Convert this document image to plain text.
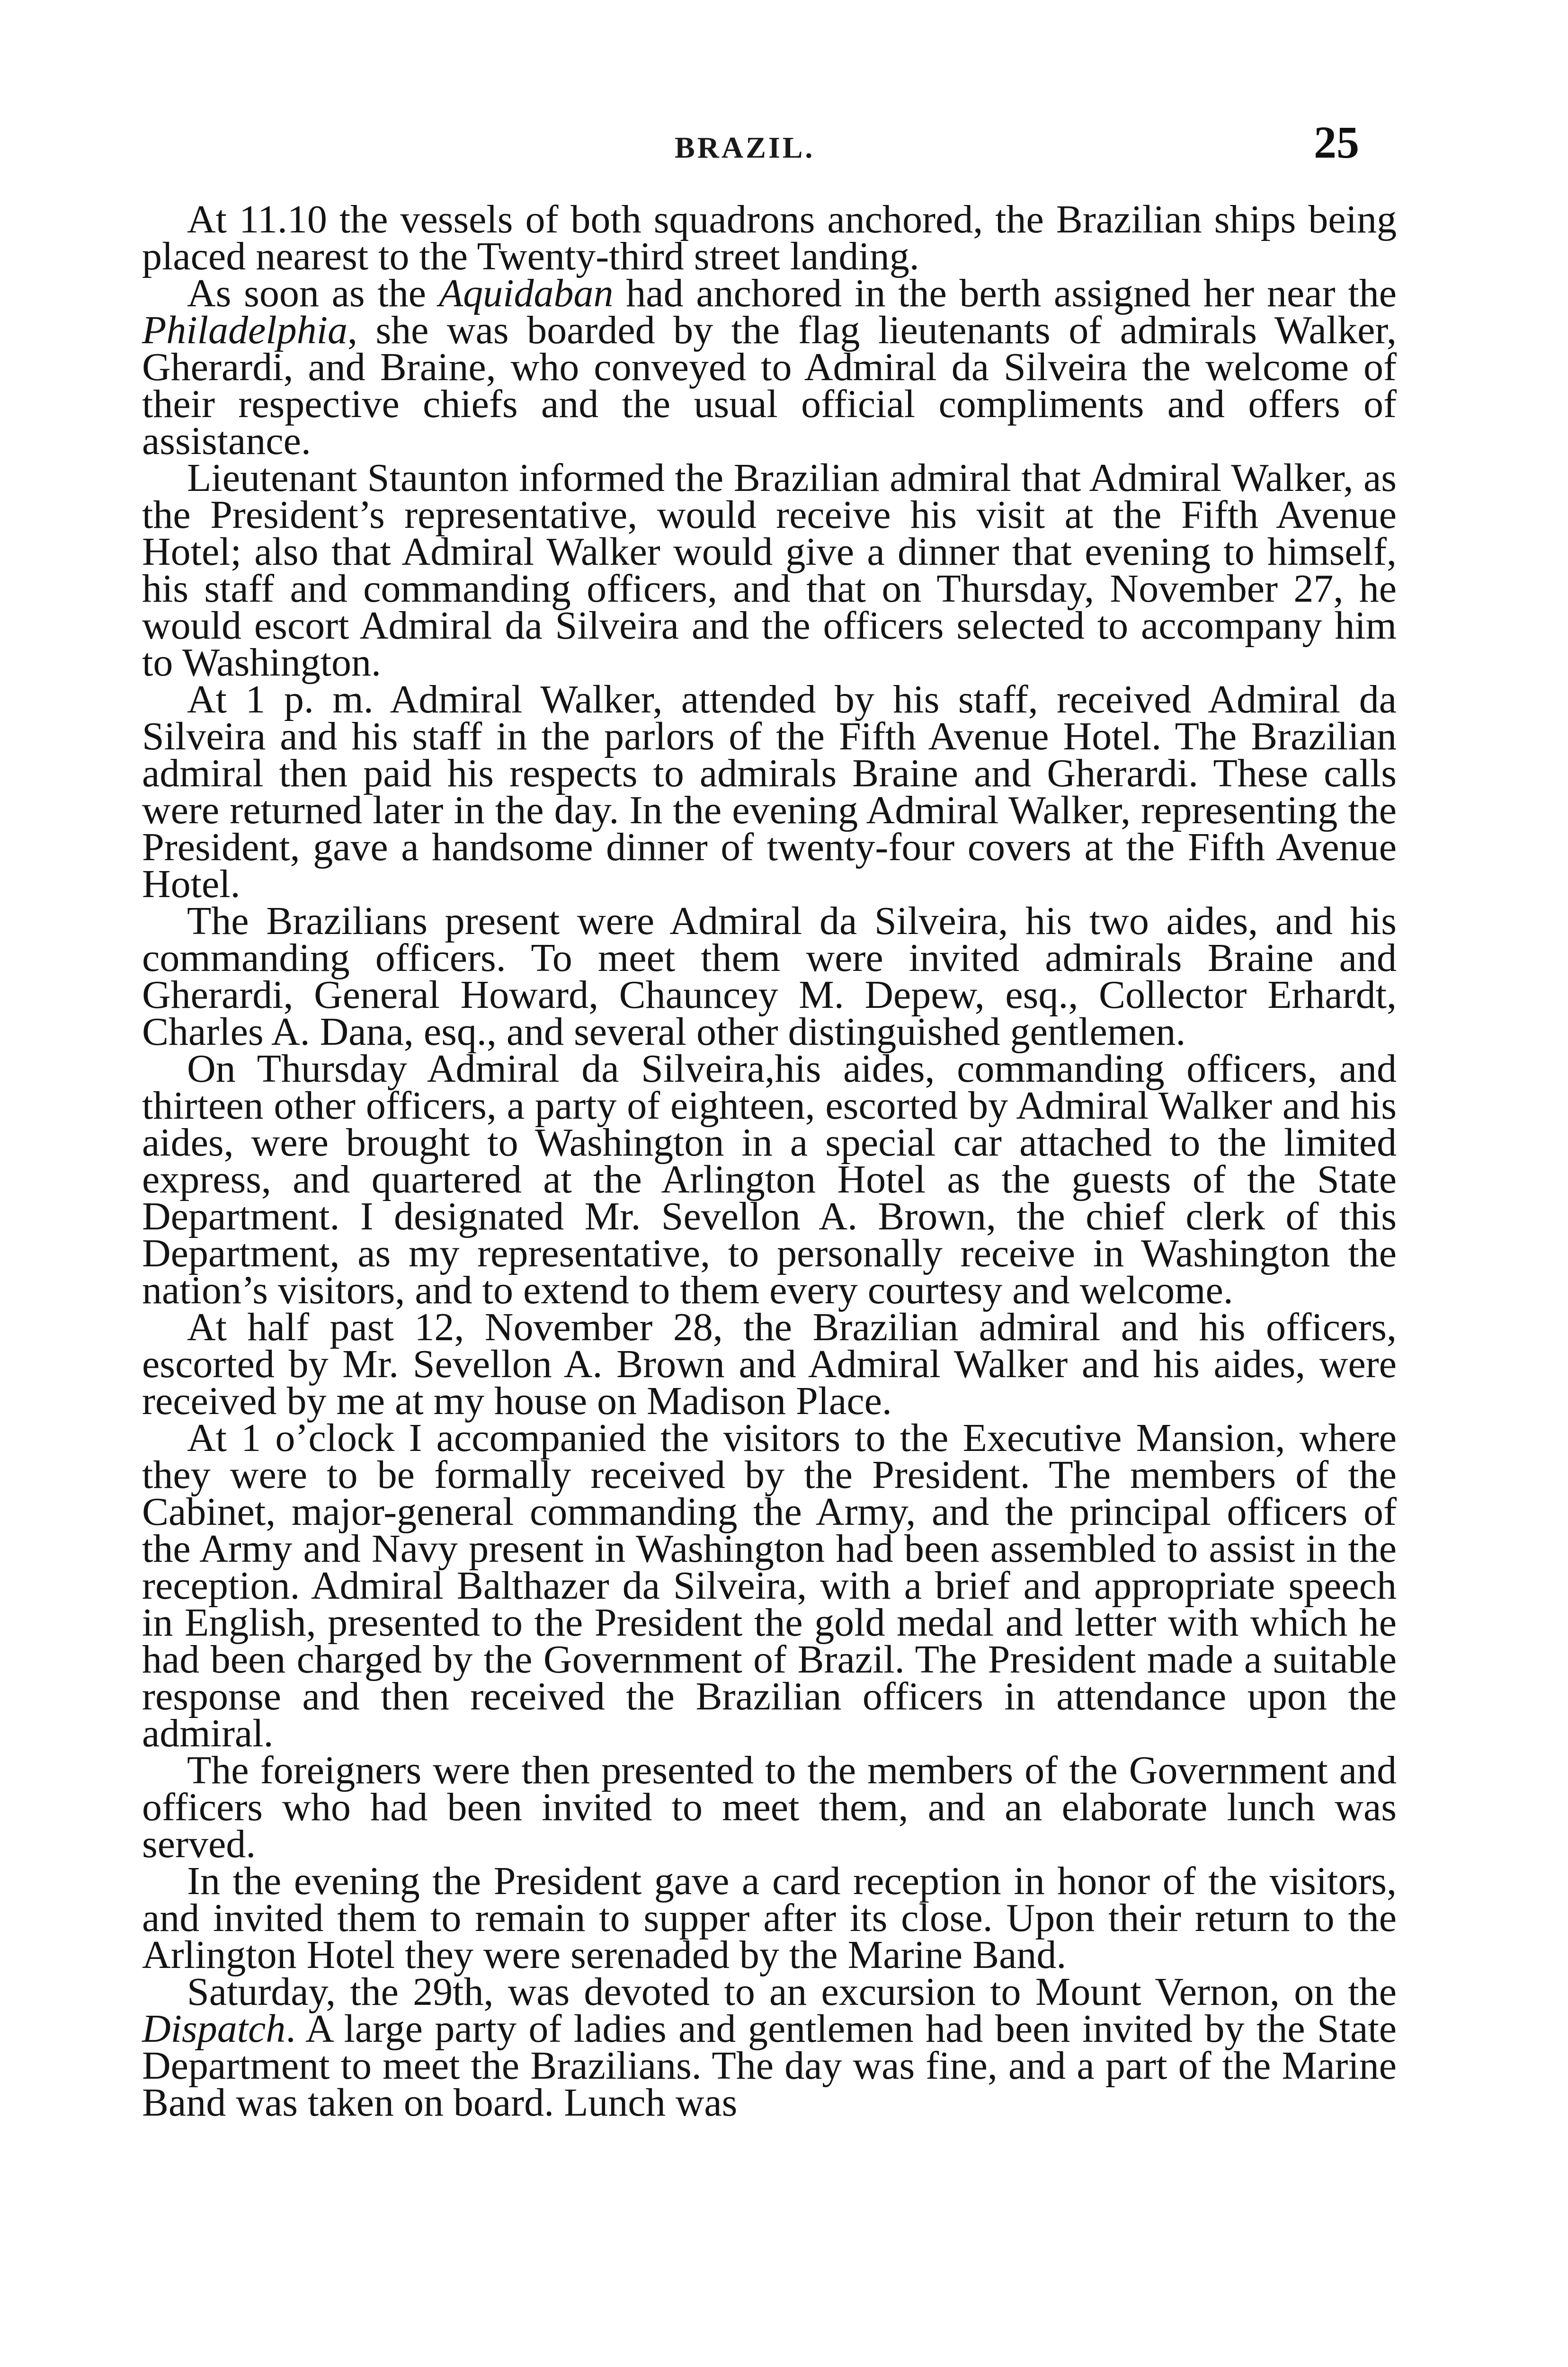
BRAZIL.	25

At 11.10 the vessels of both squadrons anchored, the Brazilian ships being placed nearest to the Twenty-third street landing.

As soon as the Aquidaban had anchored in the berth assigned her near the Philadelphia, she was boarded by the flag lieutenants of admirals Walker, Gherardi, and Braine, who conveyed to Admiral da Silveira the welcome of their respective chiefs and the usual official compliments and offers of assistance.

Lieutenant Staunton informed the Brazilian admiral that Admiral Walker, as the President’s representative, would receive his visit at the Fifth Avenue Hotel; also that Admiral Walker would give a dinner that evening to himself, his staff and commanding officers, and that on Thursday, November 27, he would escort Admiral da Silveira and the officers selected to accompany him to Washington.

At 1 p. m. Admiral Walker, attended by his staff, received Admiral da Silveira and his staff in the parlors of the Fifth Avenue Hotel. The Brazilian admiral then paid his respects to admirals Braine and Gherardi. These calls were returned later in the day. In the evening Admiral Walker, representing the President, gave a handsome dinner of twenty-four covers at the Fifth Avenue Hotel.

The Brazilians present were Admiral da Silveira, his two aides, and his commanding officers. To meet them were invited admirals Braine and Gherardi, General Howard, Chauncey M. Depew, esq., Collector Erhardt, Charles A. Dana, esq., and several other distinguished gentlemen.

On Thursday Admiral da Silveira,his aides, commanding officers, and thirteen other officers, a party of eighteen, escorted by Admiral Walker and his aides, were brought to Washington in a special car attached to the limited express, and quartered at the Arlington Hotel as the guests of the State Department. I designated Mr. Sevellon A. Brown, the chief clerk of this Department, as my representative, to personally receive in Washington the nation’s visitors, and to extend to them every courtesy and welcome.

At half past 12, November 28, the Brazilian admiral and his officers, escorted by Mr. Sevellon A. Brown and Admiral Walker and his aides, were received by me at my house on Madison Place.

At 1 o’clock I accompanied the visitors to the Executive Mansion, where they were to be formally received by the President. The members of the Cabinet, major-general commanding the Army, and the principal officers of the Army and Navy present in Washington had been assembled to assist in the reception. Admiral Balthazer da Silveira, with a brief and appropriate speech in English, presented to the President the gold medal and letter with which he had been charged by the Government of Brazil. The President made a suitable response and then received the Brazilian officers in attendance upon the admiral.

The foreigners were then presented to the members of the Government and officers who had been invited to meet them, and an elaborate lunch was served.

In the evening the President gave a card reception in honor of the visitors, and invited them to remain to supper after its close. Upon their return to the Arlington Hotel they were serenaded by the Marine Band.

Saturday, the 29th, was devoted to an excursion to Mount Vernon, on the Dispatch. A large party of ladies and gentlemen had been invited by the State Department to meet the Brazilians. The day was fine, and a part of the Marine Band was taken on board. Lunch was
